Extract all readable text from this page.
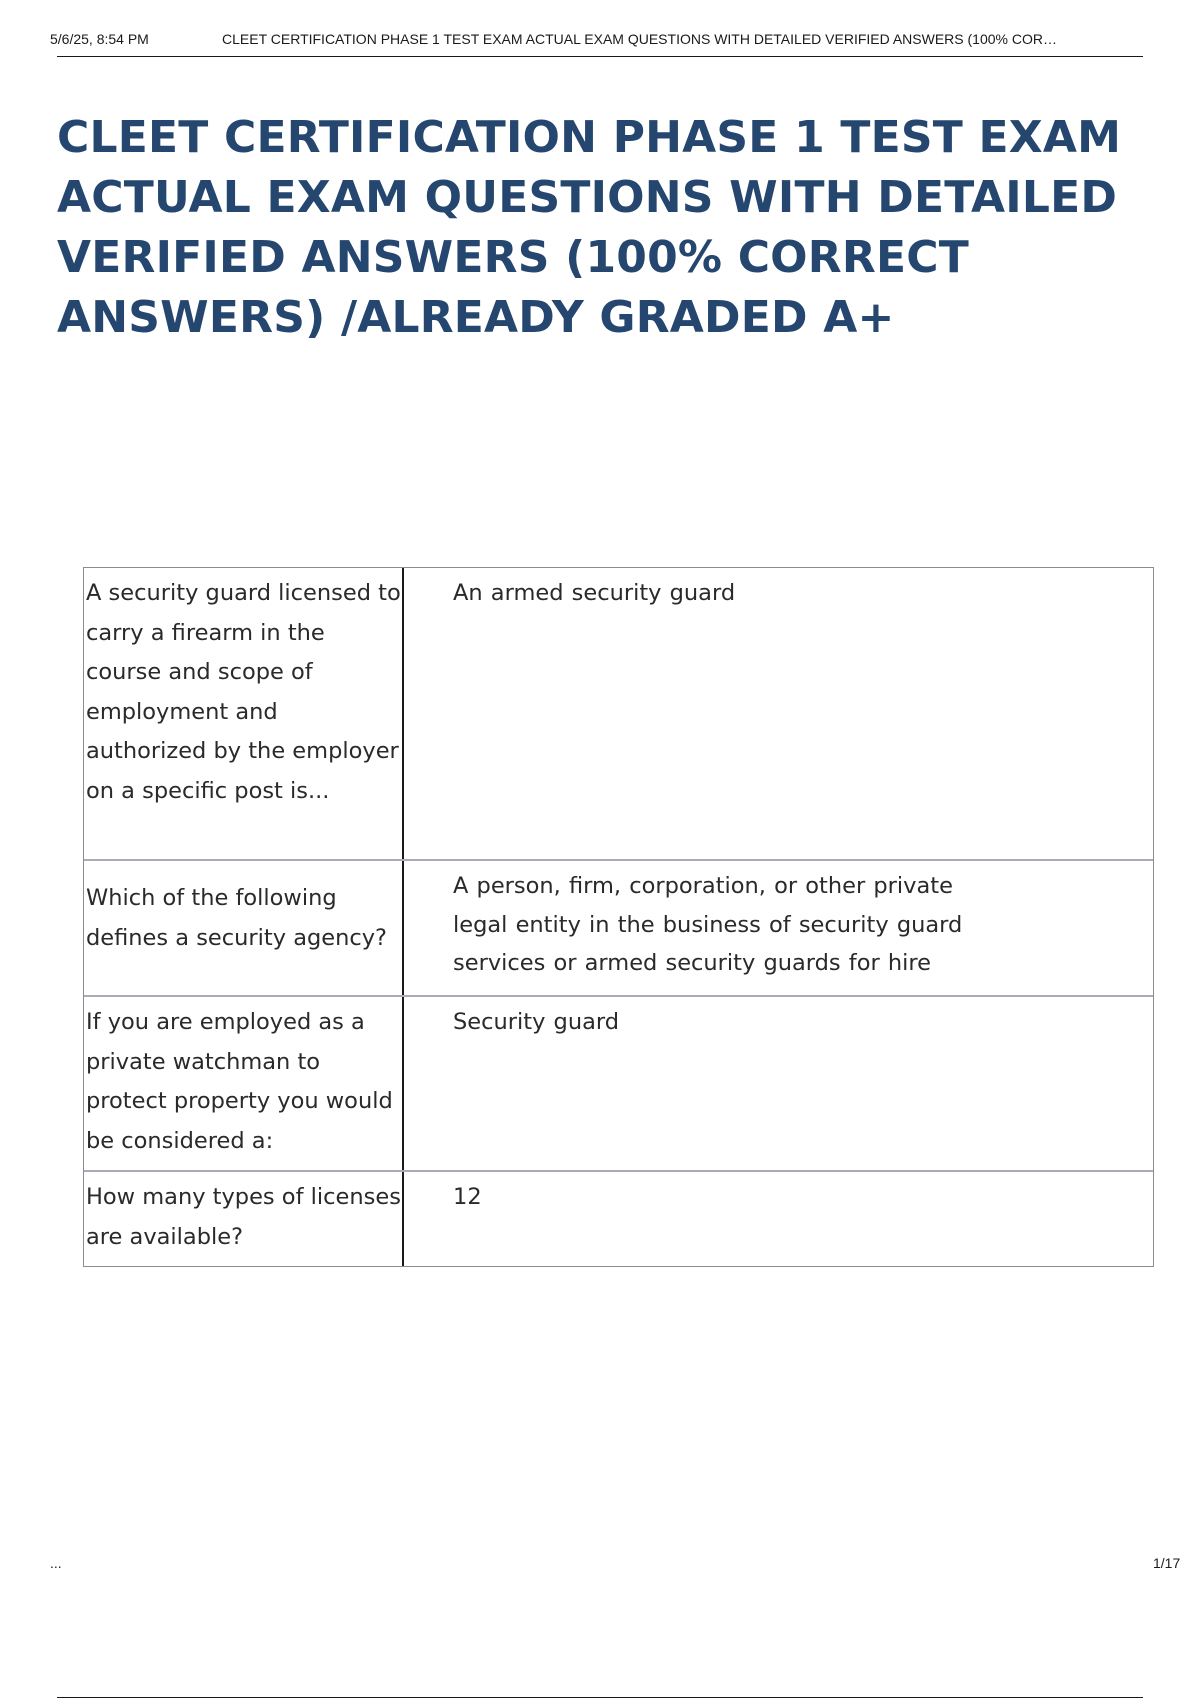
5/6/25, 8:54 PM	CLEET CERTIFICATION PHASE 1 TEST EXAM ACTUAL EXAM QUESTIONS WITH DETAILED VERIFIED ANSWERS (100% COR…
CLEET CERTIFICATION PHASE 1 TEST EXAM ACTUAL EXAM QUESTIONS WITH DETAILED VERIFIED ANSWERS (100% CORRECT ANSWERS) /ALREADY GRADED A+
A security guard licensed to carry a firearm in the course and scope of employment and authorized by the employer on a specific post is...
An armed security guard
Which of the following defines a security agency?
A person, firm, corporation, or other private legal entity in the business of security guard services or armed security guards for hire
If you are employed as a private watchman to protect property you would be considered a:
Security guard
How many types of licenses are available?
12
...	1/17
